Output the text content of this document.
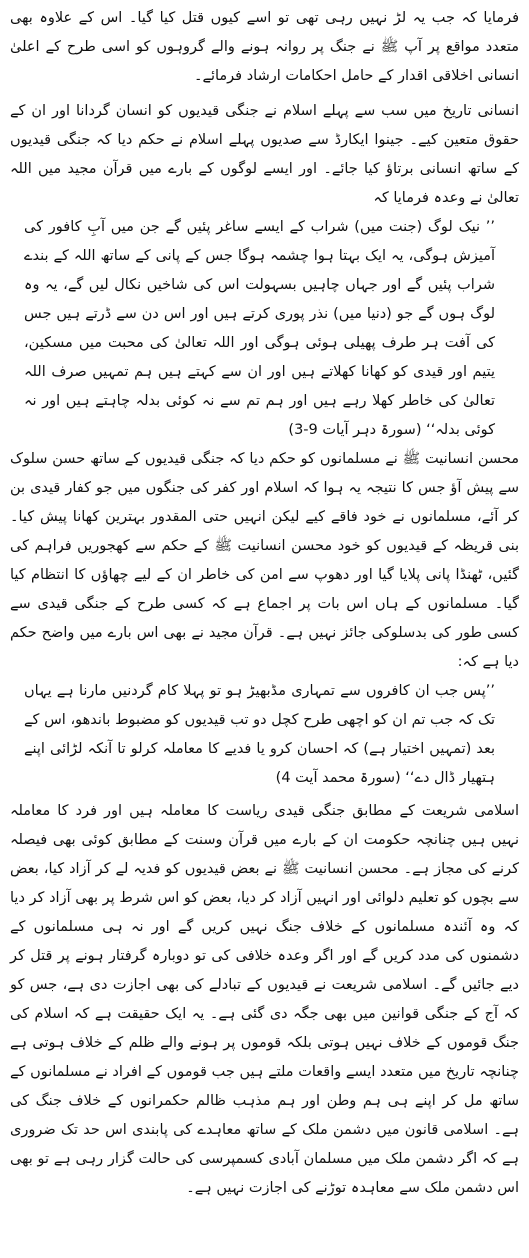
فرمایا کہ جب یہ لڑ نہیں رہی تھی تو اسے کیوں قتل کیا گیا۔ اس کے علاوہ بھی متعدد مواقع پر آپ ﷺ نے جنگ پر روانہ ہونے والے گروہوں کو اسی طرح کے اعلیٰ انسانی اخلاقی اقدار کے حامل احکامات ارشاد فرمائے۔

انسانی تاریخ میں سب سے پہلے اسلام نے جنگی قیدیوں کو انسان گردانا اور ان کے حقوق متعین کیے۔ جینوا ایکارڈ سے صدیوں پہلے اسلام نے حکم دیا کہ جنگی قیدیوں کے ساتھ انسانی برتاؤ کیا جائے۔ اور ایسے لوگوں کے بارے میں قرآن مجید میں اللہ تعالیٰ نے وعدہ فرمایا کہ

’’ نیک لوگ (جنت میں) شراب کے ایسے ساغر پئیں گے جن میں آبِ کافور کی آمیزش ہوگی، یہ ایک بہتا ہوا چشمہ ہوگا جس کے پانی کے ساتھ اللہ کے بندے شراب پئیں گے اور جہاں چاہیں بسہولت اس کی شاخیں نکال لیں گے، یہ وہ لوگ ہوں گے جو (دنیا میں) نذر پوری کرتے ہیں اور اس دن سے ڈرتے ہیں جس کی آفت ہر طرف پھیلی ہوئی ہوگی اور اللہ تعالیٰ کی محبت میں مسکین، یتیم اور قیدی کو کھانا کھلاتے ہیں اور ان سے کہتے ہیں ہم تمہیں صرف اللہ تعالیٰ کی خاطر کھلا رہے ہیں اور ہم تم سے نہ کوئی بدلہ چاہتے ہیں اور نہ کوئی بدلہ‘‘ (سورۃ دہر آیات 9-3)

محسن انسانیت ﷺ نے مسلمانوں کو حکم دیا کہ جنگی قیدیوں کے ساتھ حسن سلوک سے پیش آؤ جس کا نتیجہ یہ ہوا کہ اسلام اور کفر کی جنگوں میں جو کفار قیدی بن کر آئے، مسلمانوں نے خود فاقے کیے لیکن انہیں حتی المقدور بہترین کھانا پیش کیا۔ بنی قریظہ کے قیدیوں کو خود محسن انسانیت ﷺ کے حکم سے کھجوریں فراہم کی گئیں، ٹھنڈا پانی پلایا گیا اور دھوپ سے امن کی خاطر ان کے لیے چھاؤں کا انتظام کیا گیا۔ مسلمانوں کے ہاں اس بات پر اجماع ہے کہ کسی طرح کے جنگی قیدی سے کسی طور کی بدسلوکی جائز نہیں ہے۔ قرآن مجید نے بھی اس بارے میں واضح حکم دیا ہے کہ:

’’پس جب ان کافروں سے تمہاری مڈبھیڑ ہو تو پہلا کام گردنیں مارنا ہے یہاں تک کہ جب تم ان کو اچھی طرح کچل دو تب قیدیوں کو مضبوط باندھو، اس کے بعد (تمہیں اختیار ہے) کہ احسان کرو یا فدیے کا معاملہ کرلو تا آنکہ لڑائی اپنے ہتھیار ڈال دے‘‘ (سورۃ محمد آیت 4)

اسلامی شریعت کے مطابق جنگی قیدی ریاست کا معاملہ ہیں اور فرد کا معاملہ نہیں ہیں چنانچہ حکومت ان کے بارے میں قرآن وسنت کے مطابق کوئی بھی فیصلہ کرنے کی مجاز ہے۔ محسن انسانیت ﷺ نے بعض قیدیوں کو فدیہ لے کر آزاد کیا، بعض سے بچوں کو تعلیم دلوائی اور انہیں آزاد کر دیا، بعض کو اس شرط پر بھی آزاد کر دیا کہ وہ آئندہ مسلمانوں کے خلاف جنگ نہیں کریں گے اور نہ ہی مسلمانوں کے دشمنوں کی مدد کریں گے اور اگر وعدہ خلافی کی تو دوبارہ گرفتار ہونے پر قتل کر دیے جائیں گے۔ اسلامی شریعت نے قیدیوں کے تبادلے کی بھی اجازت دی ہے، جس کو کہ آج کے جنگی قوانین میں بھی جگہ دی گئی ہے۔ یہ ایک حقیقت ہے کہ اسلام کی جنگ قوموں کے خلاف نہیں ہوتی بلکہ قوموں پر ہونے والے ظلم کے خلاف ہوتی ہے چنانچہ تاریخ میں متعدد ایسے واقعات ملتے ہیں جب قوموں کے افراد نے مسلمانوں کے ساتھ مل کر اپنے ہی ہم وطن اور ہم مذہب ظالم حکمرانوں کے خلاف جنگ کی ہے۔ اسلامی قانون میں دشمن ملک کے ساتھ معاہدے کی پابندی اس حد تک ضروری ہے کہ اگر دشمن ملک میں مسلمان آبادی کسمپرسی کی حالت گزار رہی ہے تو بھی اس دشمن ملک سے معاہدہ توڑنے کی اجازت نہیں ہے۔
